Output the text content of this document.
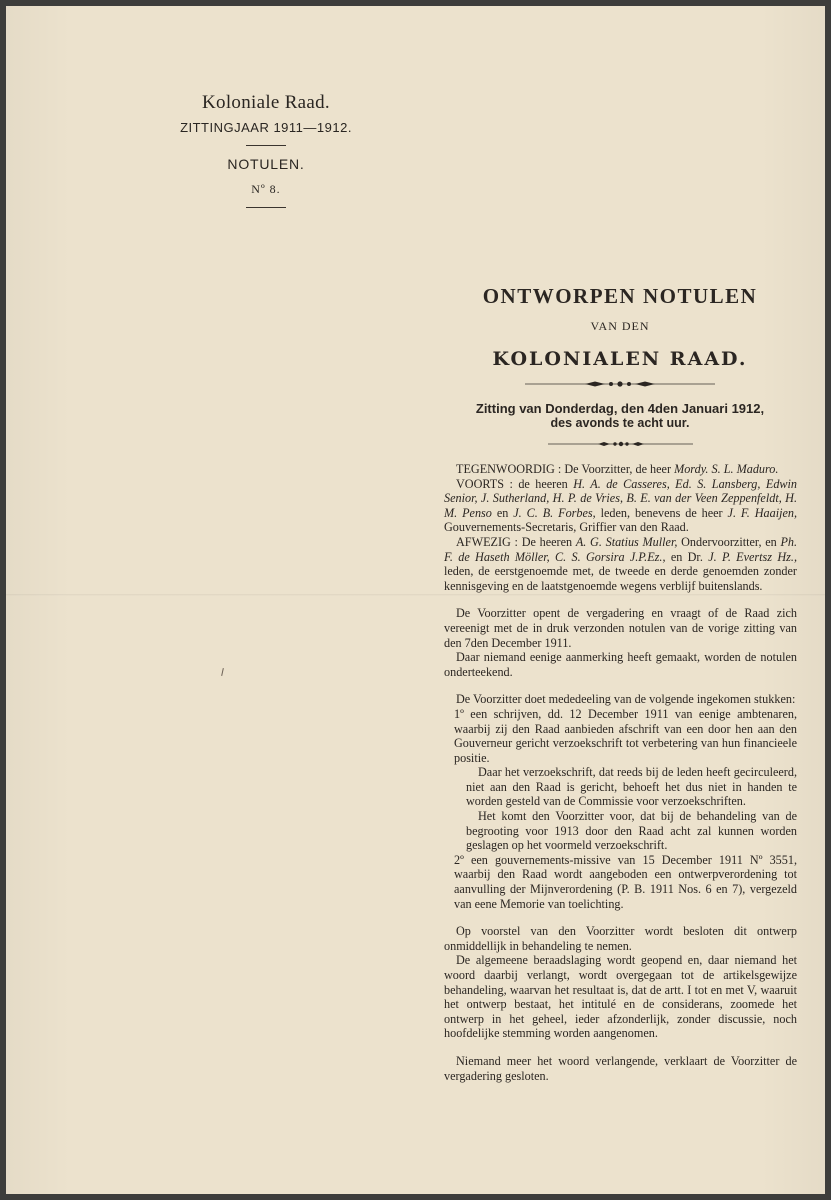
Koloniale Raad.
ZITTINGJAAR 1911—1912.
NOTULEN.
Nº 8.
ONTWORPEN NOTULEN
VAN DEN
KOLONIALEN RAAD.
Zitting van Donderdag, den 4den Januari 1912,
des avonds te acht uur.
TEGENWOORDIG : De Voorzitter, de heer Mordy. S. L. Maduro.
VOORTS : de heeren H. A. de Casseres, Ed. S. Lansberg, Edwin Senior, J. Sutherland, H. P. de Vries, B. E. van der Veen Zeppenfeldt, H. M. Penso en J. C. B. Forbes, leden, benevens de heer J. F. Haaijen, Gouvernements-Secretaris, Griffier van den Raad.
AFWEZIG : De heeren A. G. Statius Muller, Ondervoorzitter, en Ph. F. de Haseth Möller, C. S. Gorsira J.P.Ez., en Dr. J. P. Evertsz Hz., leden, de eerstgenoemde met, de tweede en derde genoemden zonder kennisgeving en de laatstgenoemde wegens verblijf buitenslands.
De Voorzitter opent de vergadering en vraagt of de Raad zich vereenigt met de in druk verzonden notulen van de vorige zitting van den 7den December 1911.
Daar niemand eenige aanmerking heeft gemaakt, worden de notulen onderteekend.
De Voorzitter doet mededeeling van de volgende ingekomen stukken:
1º een schrijven, dd. 12 December 1911 van eenige ambtenaren, waarbij zij den Raad aanbieden afschrift van een door hen aan den Gouverneur gericht verzoekschrift tot verbetering van hun financieele positie.
Daar het verzoekschrift, dat reeds bij de leden heeft gecirculeerd, niet aan den Raad is gericht, behoeft het dus niet in handen te worden gesteld van de Commissie voor verzoekschriften.
Het komt den Voorzitter voor, dat bij de behandeling van de begrooting voor 1913 door den Raad acht zal kunnen worden geslagen op het voormeld verzoekschrift.
2º een gouvernements-missive van 15 December 1911 Nº 3551, waarbij den Raad wordt aangeboden een ontwerpverordening tot aanvulling der Mijnverordening (P. B. 1911 Nos. 6 en 7), vergezeld van eene Memorie van toelichting.
Op voorstel van den Voorzitter wordt besloten dit ontwerp onmiddellijk in behandeling te nemen.
De algemeene beraadslaging wordt geopend en, daar niemand het woord daarbij verlangt, wordt overgegaan tot de artikelsgewijze behandeling, waarvan het resultaat is, dat de artt. I tot en met V, waaruit het ontwerp bestaat, het intitulé en de considerans, zoomede het ontwerp in het geheel, ieder afzonderlijk, zonder discussie, noch hoofdelijke stemming worden aangenomen.
Niemand meer het woord verlangende, verklaart de Voorzitter de vergadering gesloten.
